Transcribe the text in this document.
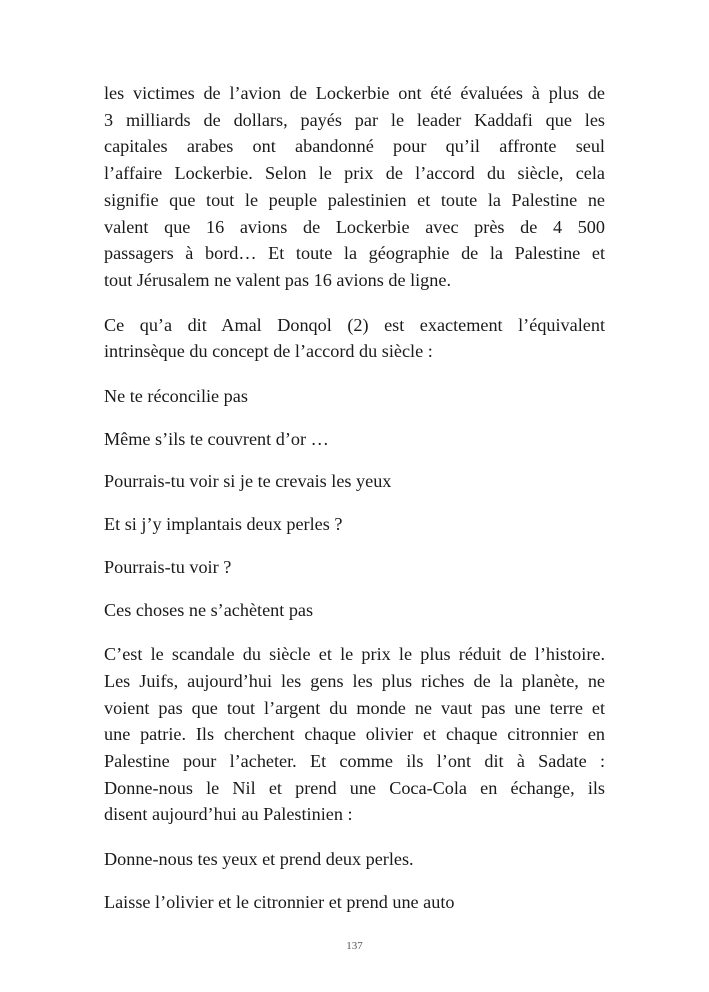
les victimes de l’avion de Lockerbie ont été évaluées à plus de
3 milliards de dollars, payés par le leader Kaddafi que les
capitales arabes ont abandonné pour qu’il affronte seul
l’affaire Lockerbie. Selon le prix de l’accord du siècle, cela
signifie que tout le peuple palestinien et toute la Palestine ne
valent que 16 avions de Lockerbie avec près de 4 500
passagers à bord… Et toute la géographie de la Palestine et
tout Jérusalem ne valent pas 16 avions de ligne.

Ce qu’a dit Amal Donqol (2) est exactement l’équivalent
intrinsèque du concept de l’accord du siècle :

Ne te réconcilie pas

Même s’ils te couvrent d’or …

Pourrais-tu voir si je te crevais les yeux

Et si j’y implantais deux perles ?

Pourrais-tu voir ?

Ces choses ne s’achètent pas

C’est le scandale du siècle et le prix le plus réduit de l’histoire.
Les Juifs, aujourd’hui les gens les plus riches de la planète, ne
voient pas que tout l’argent du monde ne vaut pas une terre et
une patrie. Ils cherchent chaque olivier et chaque citronnier en
Palestine pour l’acheter. Et comme ils l’ont dit à Sadate :
Donne-nous le Nil et prend une Coca-Cola en échange, ils
disent aujourd’hui au Palestinien :

Donne-nous tes yeux et prend deux perles.

Laisse l’olivier et le citronnier et prend une auto

137
